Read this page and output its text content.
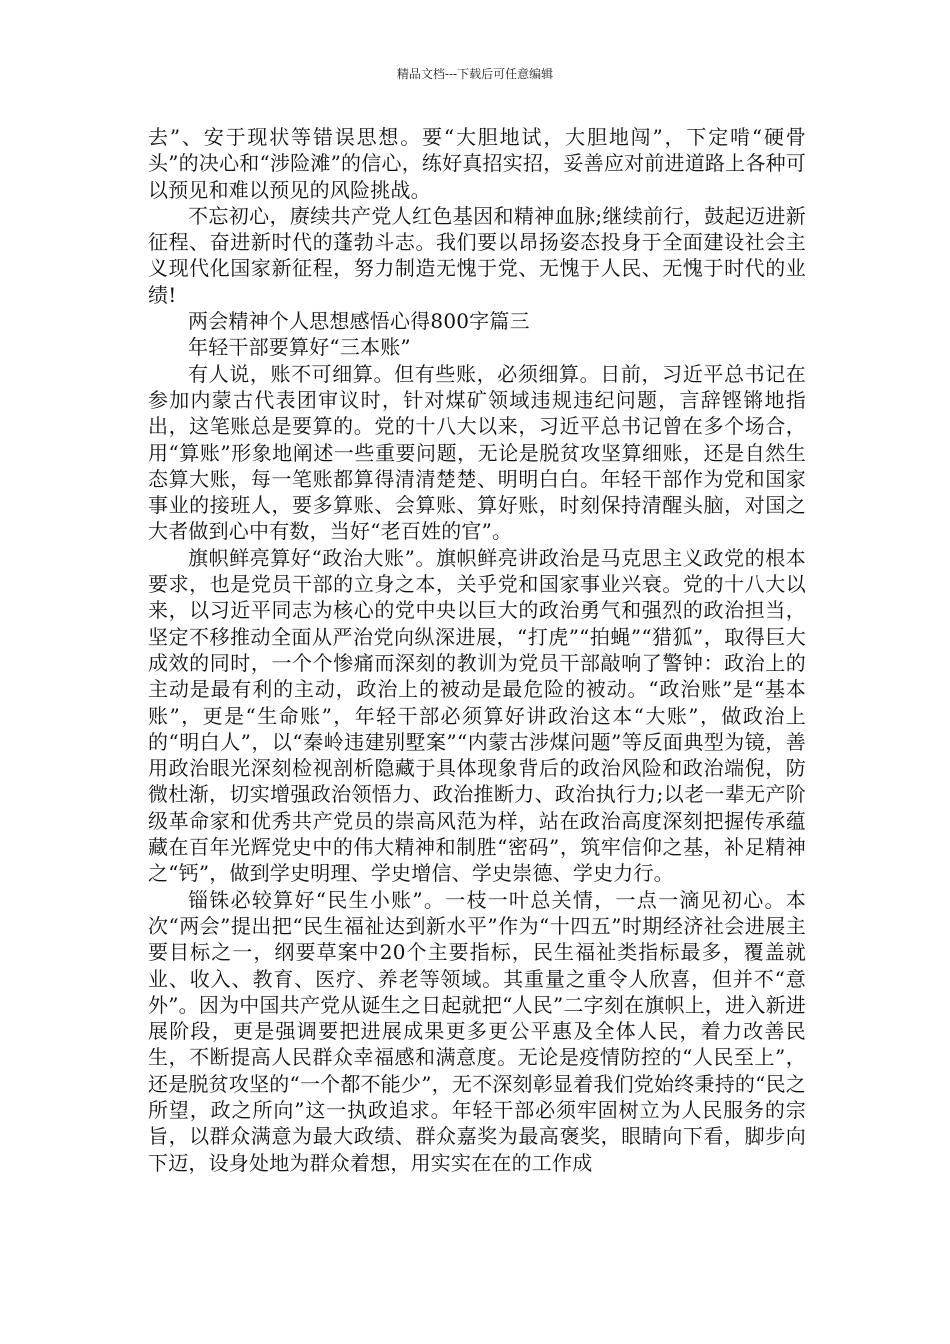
精品文档---下载后可任意编辑

去”、安于现状等错误思想。要“大胆地试，大胆地闯”，下定啃“硬骨头”的决心和“涉险滩”的信心，练好真招实招，妥善应对前进道路上各种可以预见和难以预见的风险挑战。

不忘初心，赓续共产党人红色基因和精神血脉;继续前行，鼓起迈进新征程、奋进新时代的蓬勃斗志。我们要以昂扬姿态投身于全面建设社会主义现代化国家新征程，努力制造无愧于党、无愧于人民、无愧于时代的业绩!

两会精神个人思想感悟心得800字篇三

年轻干部要算好“三本账”

有人说，账不可细算。但有些账，必须细算。日前，习近平总书记在参加内蒙古代表团审议时，针对煤矿领域违规违纪问题，言辞铿锵地指出，这笔账总是要算的。党的十八大以来，习近平总书记曾在多个场合，用“算账”形象地阐述一些重要问题，无论是脱贫攻坚算细账，还是自然生态算大账，每一笔账都算得清清楚楚、明明白白。年轻干部作为党和国家事业的接班人，要多算账、会算账、算好账，时刻保持清醒头脑，对国之大者做到心中有数，当好“老百姓的官”。

旗帜鲜亮算好“政治大账”。旗帜鲜亮讲政治是马克思主义政党的根本要求，也是党员干部的立身之本，关乎党和国家事业兴衰。党的十八大以来，以习近平同志为核心的党中央以巨大的政治勇气和强烈的政治担当，坚定不移推动全面从严治党向纵深进展，“打虎”“拍蝇”“猎狐”，取得巨大成效的同时，一个个惨痛而深刻的教训为党员干部敲响了警钟：政治上的主动是最有利的主动，政治上的被动是最危险的被动。“政治账”是“基本账”，更是“生命账”，年轻干部必须算好讲政治这本“大账”，做政治上的“明白人”，以“秦岭违建别墅案”“内蒙古涉煤问题”等反面典型为镜，善用政治眼光深刻检视剖析隐藏于具体现象背后的政治风险和政治端倪，防微杜渐，切实增强政治领悟力、政治推断力、政治执行力;以老一辈无产阶级革命家和优秀共产党员的崇高风范为样，站在政治高度深刻把握传承蕴藏在百年光辉党史中的伟大精神和制胜“密码”，筑牢信仰之基，补足精神之“钙”，做到学史明理、学史增信、学史崇德、学史力行。

锱铢必较算好“民生小账”。一枝一叶总关情，一点一滴见初心。本次“两会”提出把“民生福祉达到新水平”作为“十四五”时期经济社会进展主要目标之一，纲要草案中20个主要指标，民生福祉类指标最多，覆盖就业、收入、教育、医疗、养老等领域。其重量之重令人欣喜，但并不“意外”。因为中国共产党从诞生之日起就把“人民”二字刻在旗帜上，进入新进展阶段，更是强调要把进展成果更多更公平惠及全体人民，着力改善民生，不断提高人民群众幸福感和满意度。无论是疫情防控的“人民至上”，还是脱贫攻坚的“一个都不能少”，无不深刻彰显着我们党始终秉持的“民之所望，政之所向”这一执政追求。年轻干部必须牢固树立为人民服务的宗旨，以群众满意为最大政绩、群众嘉奖为最高褒奖，眼睛向下看，脚步向下迈，设身处地为群众着想，用实实在在的工作成
